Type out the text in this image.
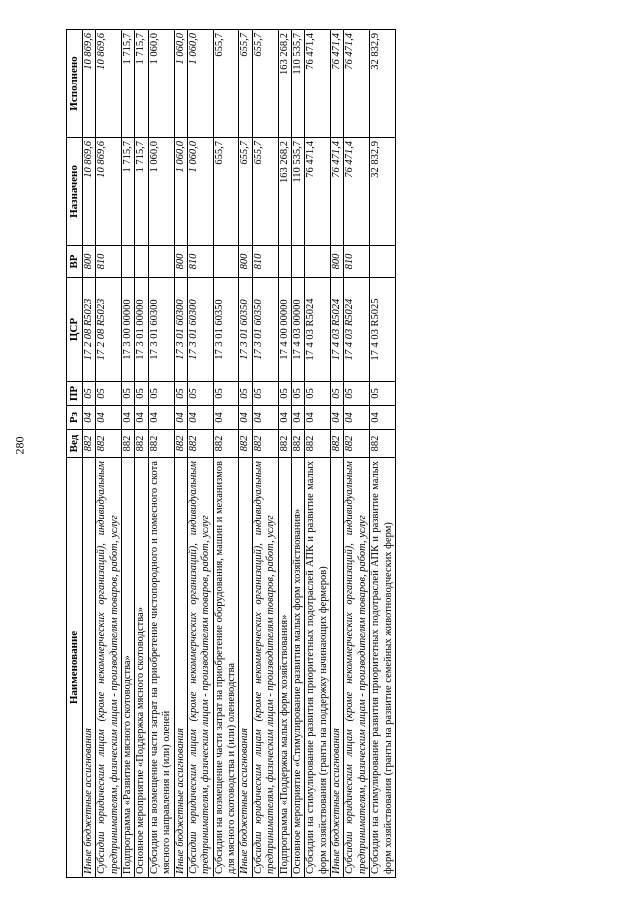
280
Наименование	Вед	Рз	ПР	ЦСР	ВР	Назначено	Исполнено
Иные бюджетные ассигнования	882	04	05	17 2 08 R5023	800	10 869,6	10 869,6
Субсидии юридическим лицам (кроме некоммерческих организаций), индивидуальным предпринимателям, физическим лицам - производителям товаров, работ, услуг	882	04	05	17 2 08 R5023	810	10 869,6	10 869,6
Подпрограмма «Развитие мясного скотоводства»	882	04	05	17 3 00 00000		1 715,7	1 715,7
Основное мероприятие «Поддержка мясного скотоводства»	882	04	05	17 3 01 00000		1 715,7	1 715,7
Субсидии на возмещение части затрат на приобретение чистопородного и помесного скота мясного направления и (или) оленей	882	04	05	17 3 01 60300		1 060,0	1 060,0
Иные бюджетные ассигнования	882	04	05	17 3 01 60300	800	1 060,0	1 060,0
Субсидии юридическим лицам (кроме некоммерческих организаций), индивидуальным предпринимателям, физическим лицам - производителям товаров, работ, услуг	882	04	05	17 3 01 60300	810	1 060,0	1 060,0
Субсидии на возмещение части затрат на приобретение оборудования, машин и механизмов для мясного скотоводства и (или) оленеводства	882	04	05	17 3 01 60350		655,7	655,7
Иные бюджетные ассигнования	882	04	05	17 3 01 60350	800	655,7	655,7
Субсидии юридическим лицам (кроме некоммерческих организаций), индивидуальным предпринимателям, физическим лицам - производителям товаров, работ, услуг	882	04	05	17 3 01 60350	810	655,7	655,7
Подпрограмма «Поддержка малых форм хозяйствования»	882	04	05	17 4 00 00000		163 268,2	163 268,2
Основное мероприятие «Стимулирование развития малых форм хозяйствования»	882	04	05	17 4 03 00000		110 535,7	110 535,7
Субсидии на стимулирование развития приоритетных подотраслей АПК и развитие малых форм хозяйствования (гранты на поддержку начинающих фермеров)	882	04	05	17 4 03 R5024		76 471,4	76 471,4
Иные бюджетные ассигнования	882	04	05	17 4 03 R5024	800	76 471,4	76 471,4
Субсидии юридическим лицам (кроме некоммерческих организаций), индивидуальным предпринимателям, физическим лицам - производителям товаров, работ, услуг	882	04	05	17 4 03 R5024	810	76 471,4	76 471,4
Субсидии на стимулирование развития приоритетных подотраслей АПК и развитие малых форм хозяйствования (гранты на развитие семейных животноводческих ферм)	882	04	05	17 4 03 R5025		32 832,9	32 832,9
